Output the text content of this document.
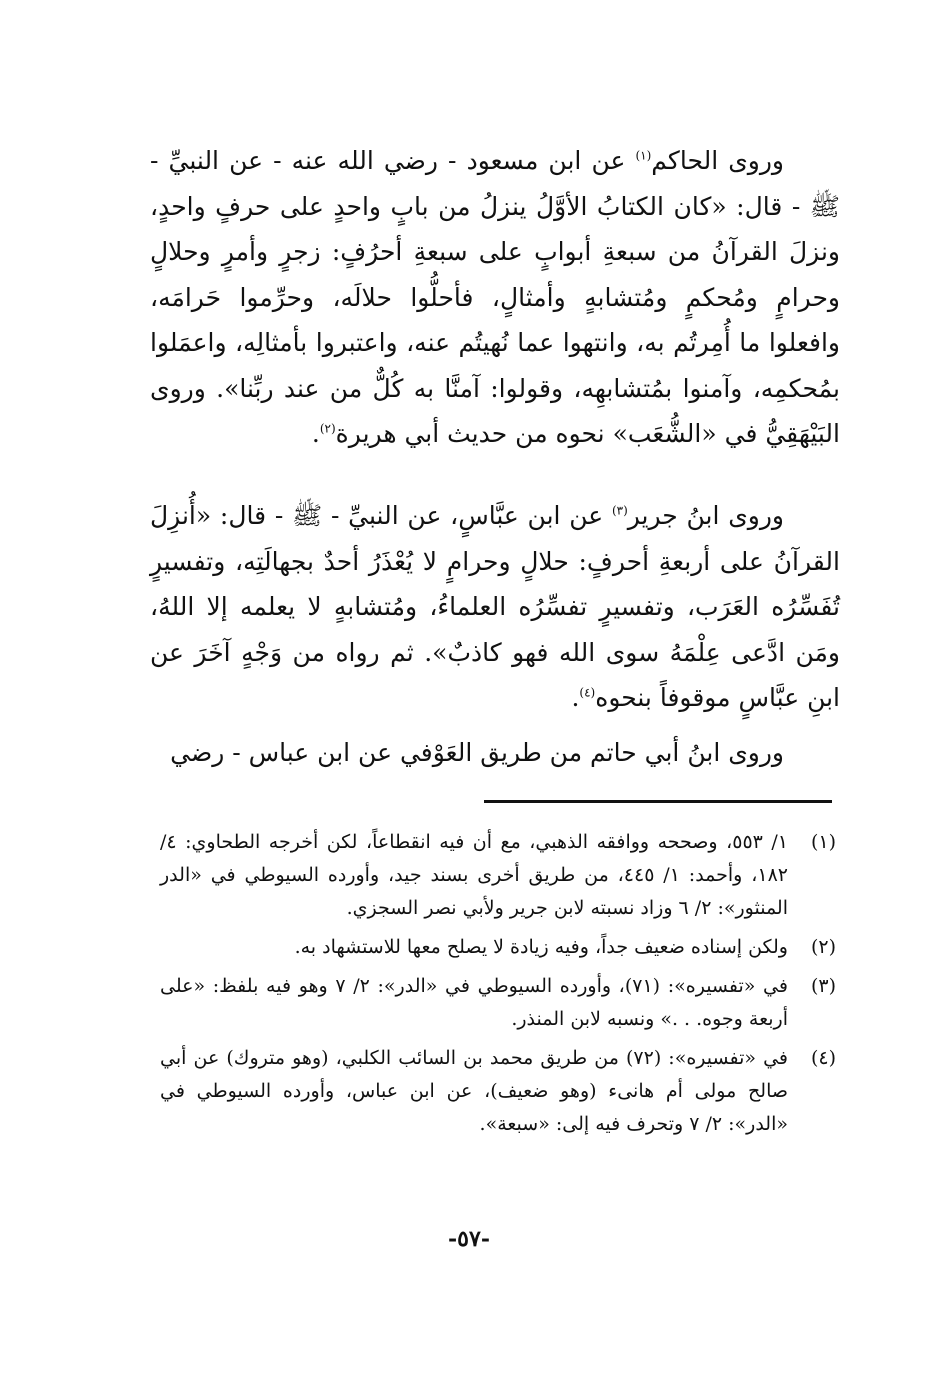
وروى الحاكم$^{(١)}$ عن ابن مسعود - رضي الله عنه - عن النبيِّ - ﷺ - قال: «كان الكتابُ الأوَّلُ ينزلُ من بابٍ واحدٍ على حرفٍ واحدٍ، ونزلَ القرآنُ من سبعةِ أبوابٍ على سبعةِ أحرُفٍ: زجرٍ وأمرٍ وحلالٍ وحرامٍ ومُحكمٍ ومُتشابهٍ وأمثالٍ، فأحلُّوا حلالَه، وحرِّموا حَرامَه، وافعلوا ما أُمِرتُم به، وانتهوا عما نُهيتُم عنه، واعتبروا بأمثالِه، واعمَلوا بمُحكمِه، وآمنوا بمُتشابهِه، وقولوا: آمنَّا به كُلٌّ من عند ربِّنا». وروى البَيْهَقِيُّ في «الشُّعَب» نحوه من حديث أبي هريرة$^{(٢)}$.

وروى ابنُ جرير$^{(٣)}$ عن ابن عبَّاسٍ، عن النبيِّ - ﷺ - قال: «أُنزِلَ القرآنُ على أربعةِ أحرفٍ: حلالٍ وحرامٍ لا يُعْذَرُ أحدٌ بجهالَتِه، وتفسيرٍ تُفَسِّرُه العَرَب، وتفسيرٍ تفسِّرُه العلماءُ، ومُتشابهٍ لا يعلمه إلا اللهُ، ومَن ادَّعى عِلْمَهُ سوى الله فهو كاذبٌ». ثم رواه من وَجْهٍ آخَرَ عن ابنِ عبَّاسٍ موقوفاً بنحوه$^{(٤)}$.

وروى ابنُ أبي حاتم من طريق العَوْفي عن ابن عباس - رضي

(١)
١/ ٥٥٣، وصححه ووافقه الذهبي، مع أن فيه انقطاعاً، لكن أخرجه الطحاوي: ٤/ ١٨٢، وأحمد: ١/ ٤٤٥، من طريق أخرى بسند جيد، وأورده السيوطي في «الدر المنثور»: ٢/ ٦ وزاد نسبته لابن جرير ولأبي نصر السجزي.
(٢)
ولكن إسناده ضعيف جداً، وفيه زيادة لا يصلح معها للاستشهاد به.
(٣)
في «تفسيره»: (٧١)، وأورده السيوطي في «الدر»: ٢/ ٧ وهو فيه بلفظ: «على أربعة وجوه. . .» ونسبه لابن المنذر.
(٤)
في «تفسيره»: (٧٢) من طريق محمد بن السائب الكلبي، (وهو متروك) عن أبي صالح مولى أم هانىء (وهو ضعيف)، عن ابن عباس، وأورده السيوطي في «الدر»: ٢/ ٧ وتحرف فيه إلى: «سبعة».
-٥٧-
